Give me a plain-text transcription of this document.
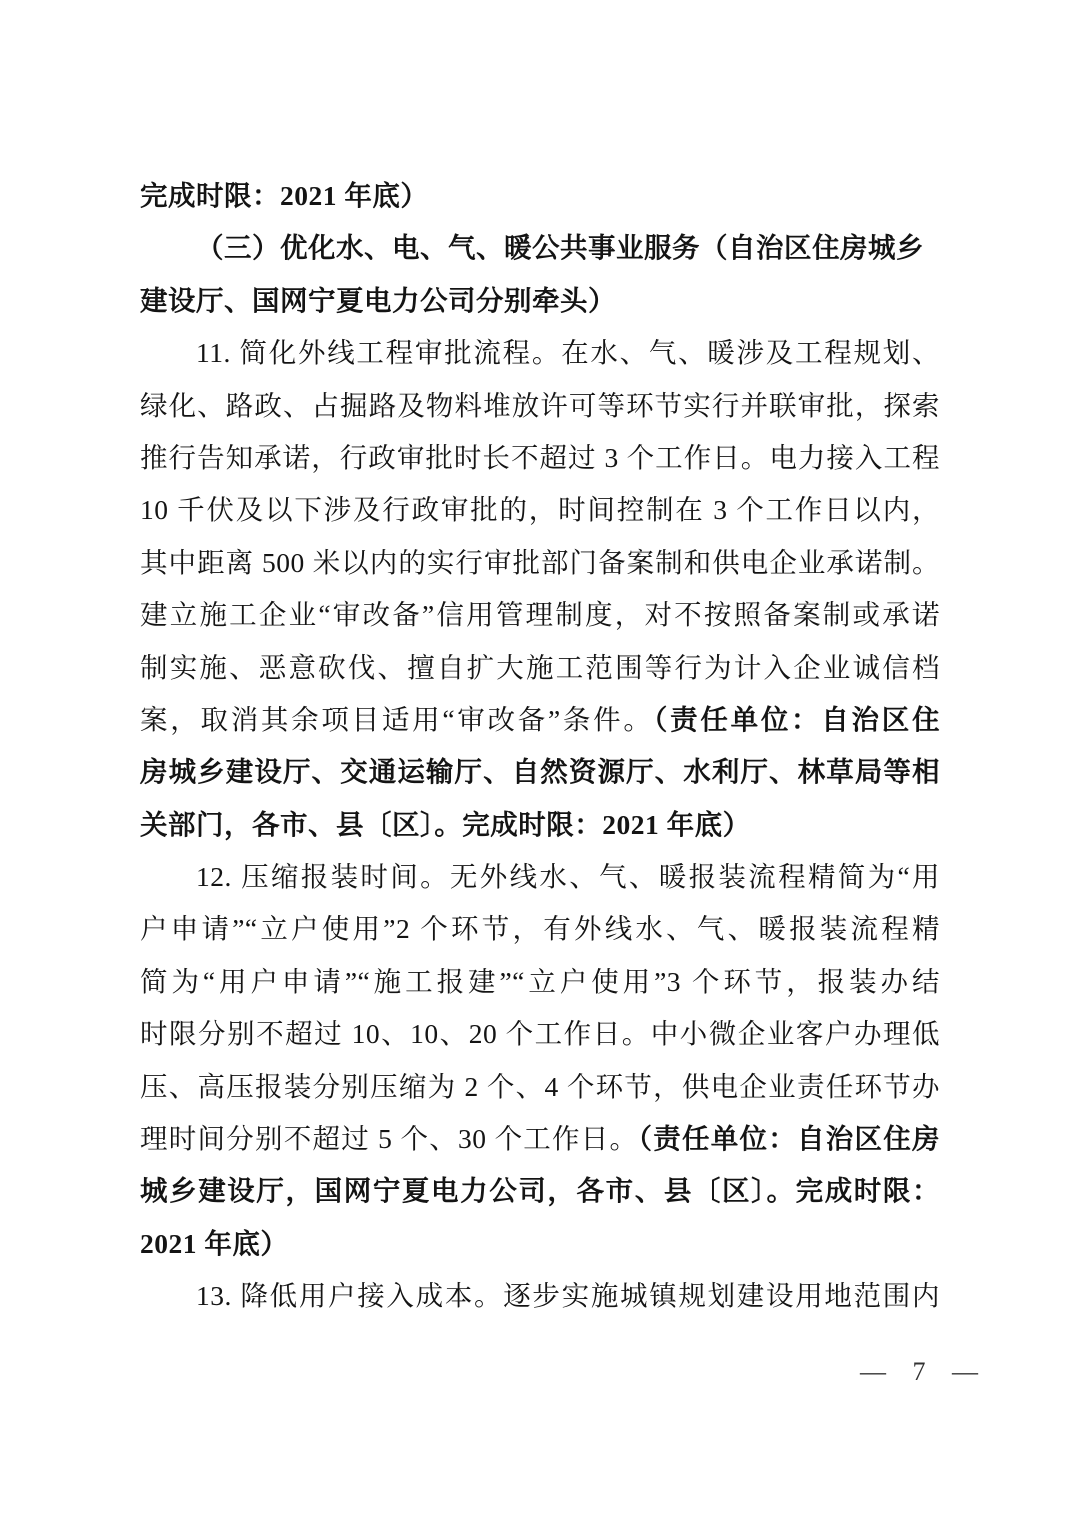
完成时限：2021 年底）
（三）优化水、电、气、暖公共事业服务（自治区住房城乡
建设厅、国网宁夏电力公司分别牵头）
11. 简化外线工程审批流程。在水、气、暖涉及工程规划、
绿化、路政、占掘路及物料堆放许可等环节实行并联审批，探索
推行告知承诺，行政审批时长不超过 3 个工作日。电力接入工程
10 千伏及以下涉及行政审批的，时间控制在 3 个工作日以内，
其中距离 500 米以内的实行审批部门备案制和供电企业承诺制。
建立施工企业“审改备”信用管理制度，对不按照备案制或承诺
制实施、恶意砍伐、擅自扩大施工范围等行为计入企业诚信档
案，取消其余项目适用“审改备”条件。（责任单位：自治区住
房城乡建设厅、交通运输厅、自然资源厅、水利厅、林草局等相
关部门，各市、县〔区〕。完成时限：2021 年底）
12. 压缩报装时间。无外线水、气、暖报装流程精简为“用
户申请”“立户使用”2 个环节，有外线水、气、暖报装流程精
简为“用户申请”“施工报建”“立户使用”3 个环节，报装办结
时限分别不超过 10、10、20 个工作日。中小微企业客户办理低
压、高压报装分别压缩为 2 个、4 个环节，供电企业责任环节办
理时间分别不超过 5 个、30 个工作日。（责任单位：自治区住房
城乡建设厅，国网宁夏电力公司，各市、县〔区〕。完成时限：
2021 年底）
13. 降低用户接入成本。逐步实施城镇规划建设用地范围内
— 7 —
